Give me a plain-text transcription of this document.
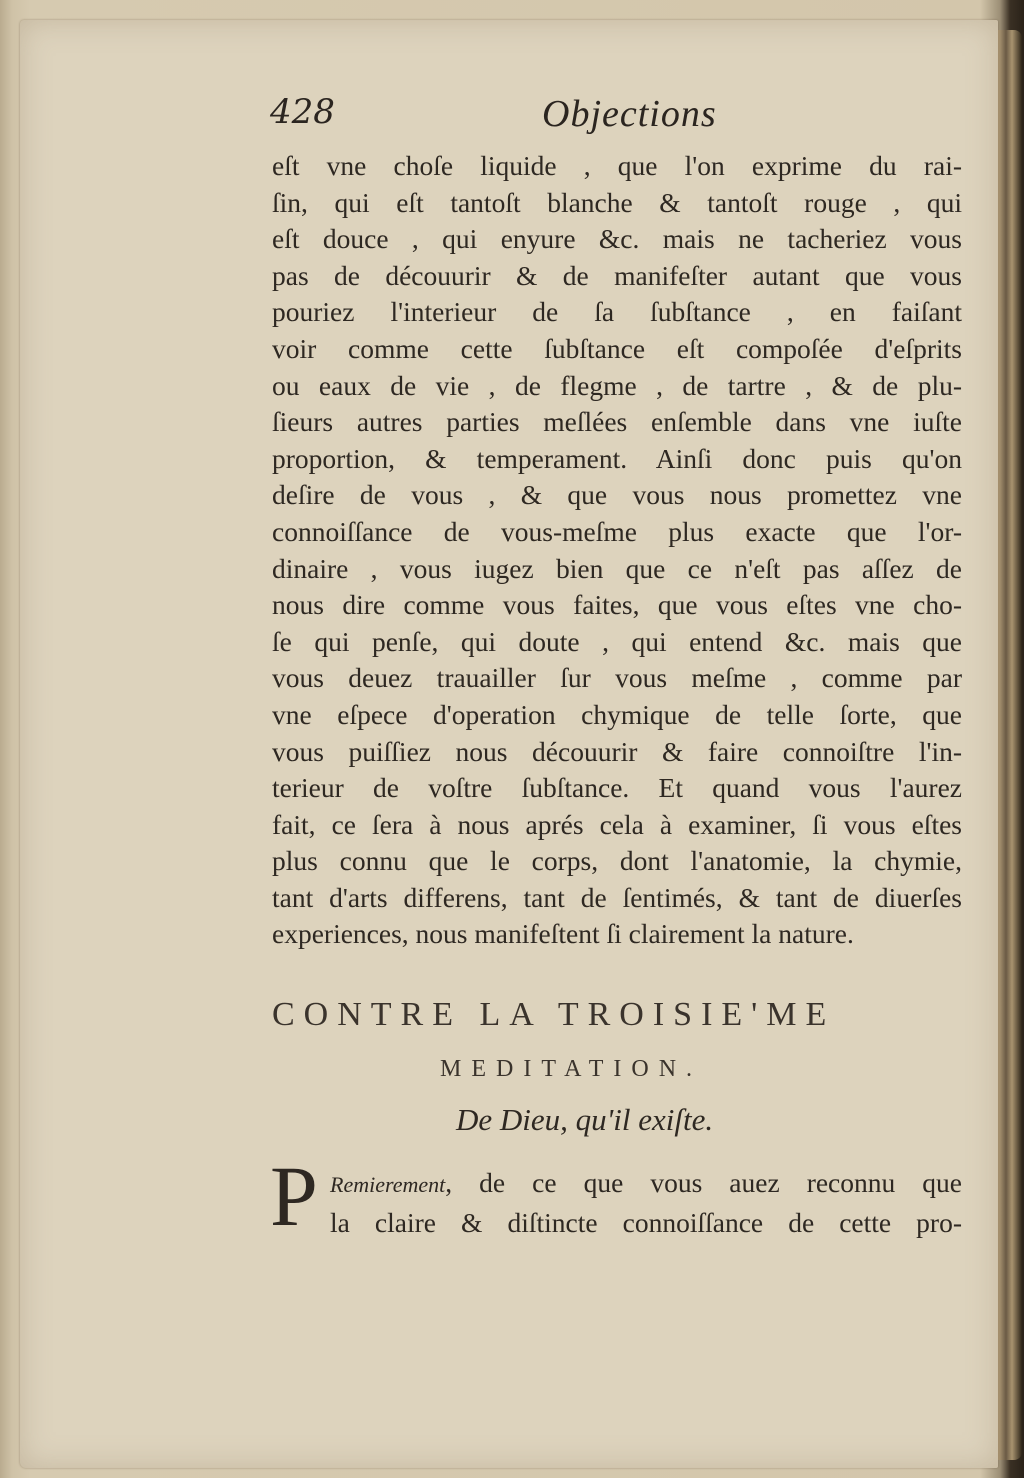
428	Objections
eſt vne choſe liquide , que l'on exprime du rai-
ſin, qui eſt tantoſt blanche & tantoſt rouge , qui
eſt douce , qui enyure &c. mais ne tacheriez vous
pas de découurir & de manifeſter autant que vous
pouriez l'interieur de ſa ſubſtance , en faiſant
voir comme cette ſubſtance eſt compoſée d'eſprits
ou eaux de vie , de flegme , de tartre , & de plu-
ſieurs autres parties meſlées enſemble dans vne iuſte
proportion, & temperament. Ainſi donc puis qu'on
deſire de vous , & que vous nous promettez vne
connoiſſance de vous-meſme plus exacte que l'or-
dinaire , vous iugez bien que ce n'eſt pas aſſez de
nous dire comme vous faites, que vous eſtes vne cho-
ſe qui penſe, qui doute , qui entend &c. mais que
vous deuez trauailler ſur vous meſme , comme par
vne eſpece d'operation chymique de telle ſorte, que
vous puiſſiez nous découurir & faire connoiſtre l'in-
terieur de voſtre ſubſtance. Et quand vous l'aurez
fait, ce ſera à nous aprés cela à examiner, ſi vous eſtes
plus connu que le corps, dont l'anatomie, la chymie,
tant d'arts differens, tant de ſentimés, & tant de diuerſes
experiences, nous manifeſtent ſi clairement la nature.
CONTRE LA TROISIE'ME
MEDITATION.
De Dieu, qu'il exiſte.
P Remierement, de ce que vous auez reconnu que
la claire & diſtincte connoiſſance de cette pro-
